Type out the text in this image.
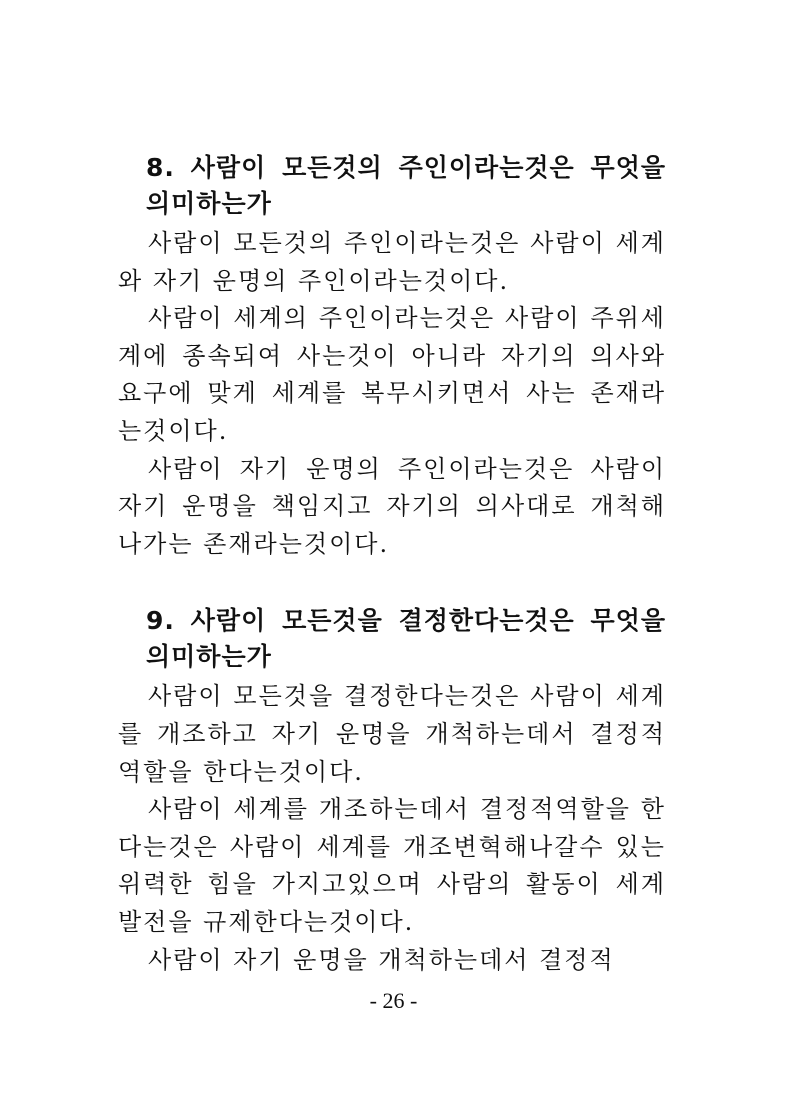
8. 사람이 모든것의 주인이라는것은 무엇을 의미하는가

사람이 모든것의 주인이라는것은 사람이 세계와 자기 운명의 주인이라는것이다.

사람이 세계의 주인이라는것은 사람이 주위세계에 종속되여 사는것이 아니라 자기의 의사와 요구에 맞게 세계를 복무시키면서 사는 존재라는것이다.

사람이 자기 운명의 주인이라는것은 사람이 자기 운명을 책임지고 자기의 의사대로 개척해 나가는 존재라는것이다.

9. 사람이 모든것을 결정한다는것은 무엇을 의미하는가

사람이 모든것을 결정한다는것은 사람이 세계를 개조하고 자기 운명을 개척하는데서 결정적역할을 한다는것이다.

사람이 세계를 개조하는데서 결정적역할을 한다는것은 사람이 세계를 개조변혁해나갈수 있는 위력한 힘을 가지고있으며 사람의 활동이 세계발전을 규제한다는것이다.

사람이 자기 운명을 개척하는데서 결정적

- 26 -
